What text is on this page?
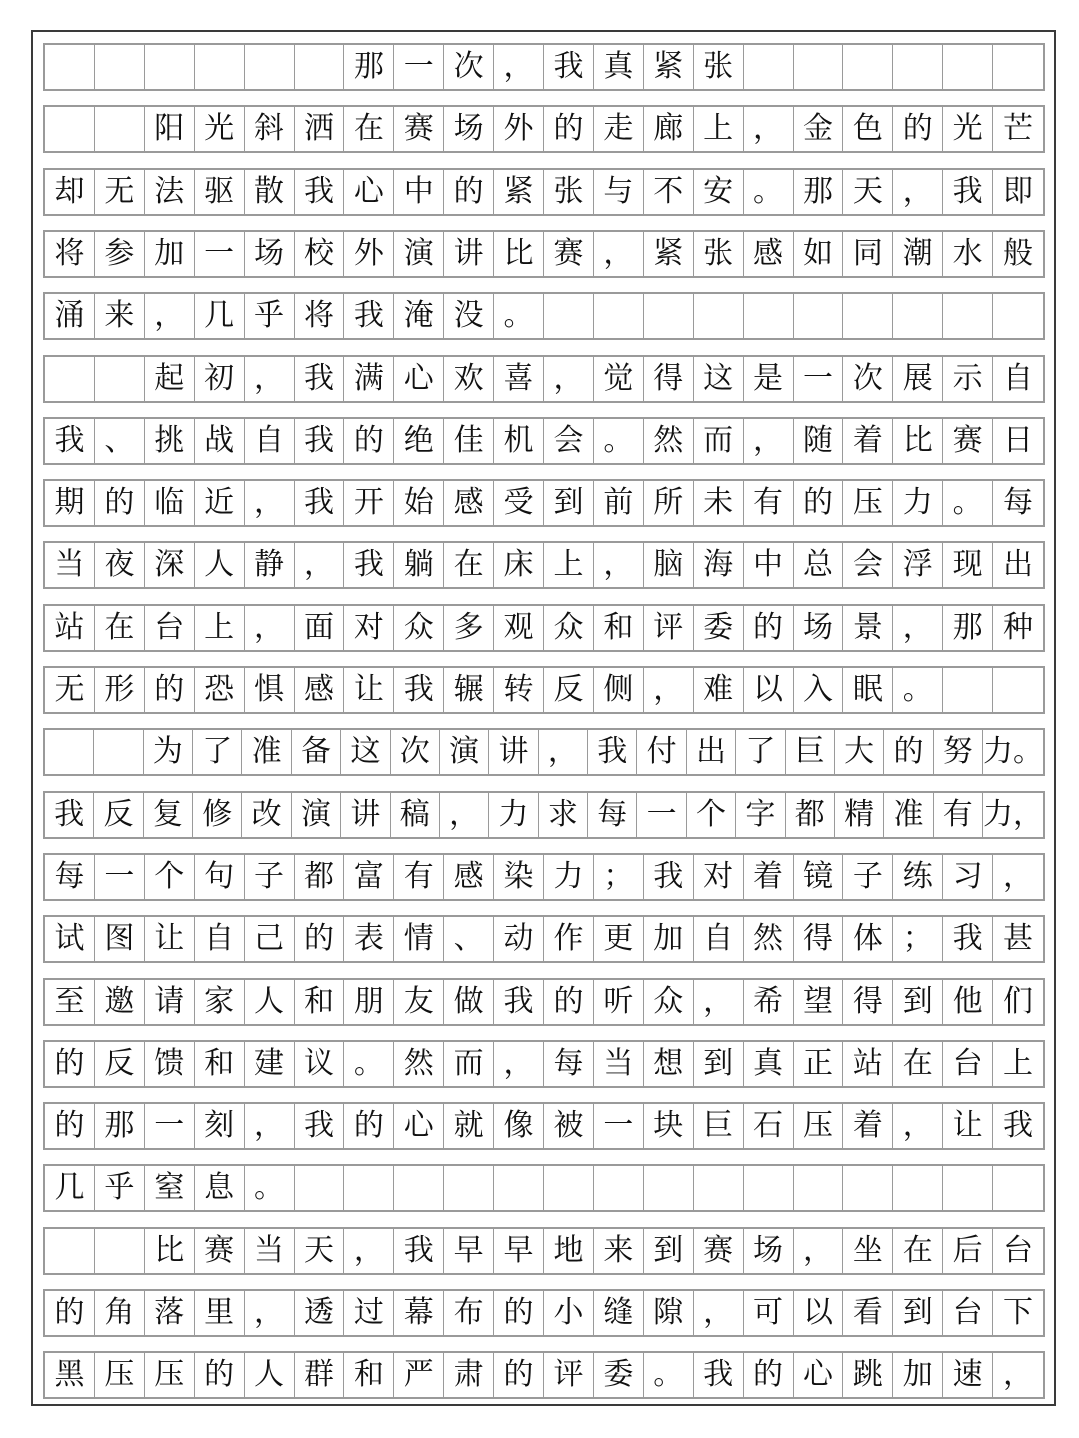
那 一 次 ， 我 真 紧 张
阳 光 斜 洒 在 赛 场 外 的 走 廊 上 ， 金 色 的 光 芒
却 无 法 驱 散 我 心 中 的 紧 张 与 不 安 。 那 天 ， 我 即
将 参 加 一 场 校 外 演 讲 比 赛 ， 紧 张 感 如 同 潮 水 般
涌 来 ， 几 乎 将 我 淹 没 。
起 初 ， 我 满 心 欢 喜 ， 觉 得 这 是 一 次 展 示 自
我 、 挑 战 自 我 的 绝 佳 机 会 。 然 而 ， 随 着 比 赛 日
期 的 临 近 ， 我 开 始 感 受 到 前 所 未 有 的 压 力 。 每
当 夜 深 人 静 ， 我 躺 在 床 上 ， 脑 海 中 总 会 浮 现 出
站 在 台 上 ， 面 对 众 多 观 众 和 评 委 的 场 景 ， 那 种
无 形 的 恐 惧 感 让 我 辗 转 反 侧 ， 难 以 入 眠 。
为 了 准 备 这 次 演 讲 ， 我 付 出 了 巨 大 的 努 力。
我 反 复 修 改 演 讲 稿 ， 力 求 每 一 个 字 都 精 准 有 力，
每 一 个 句 子 都 富 有 感 染 力 ； 我 对 着 镜 子 练 习 ，
试 图 让 自 己 的 表 情 、 动 作 更 加 自 然 得 体 ； 我 甚
至 邀 请 家 人 和 朋 友 做 我 的 听 众 ， 希 望 得 到 他 们
的 反 馈 和 建 议 。 然 而 ， 每 当 想 到 真 正 站 在 台 上
的 那 一 刻 ， 我 的 心 就 像 被 一 块 巨 石 压 着 ， 让 我
几 乎 窒 息 。
比 赛 当 天 ， 我 早 早 地 来 到 赛 场 ， 坐 在 后 台
的 角 落 里 ， 透 过 幕 布 的 小 缝 隙 ， 可 以 看 到 台 下
黑 压 压 的 人 群 和 严 肃 的 评 委 。 我 的 心 跳 加 速 ，
